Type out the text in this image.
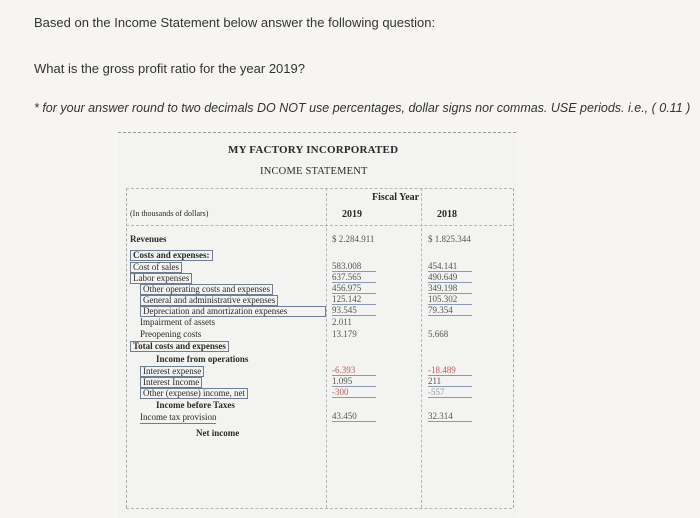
Based on the Income Statement below answer the following question:
What is the gross profit ratio for the year 2019?
* for your answer round to two decimals DO NOT use percentages, dollar signs nor commas. USE periods. i.e., ( 0.11 )
MY FACTORY INCORPORATED
INCOME STATEMENT
Fiscal Year
(In thousands of dollars)	2019	2018
Revenues	$ 2.284.911	$ 1.825.344
Costs and expenses:
Cost of sales	583.008	454.141
Labor expenses	637.565	490.649
Other operating costs and expenses	456.975	349.198
General and administrative expenses	125.142	105.302
Depreciation and amortization expenses	93.545	79.354
Impairment of assets	2.011
Preopening costs	13.179	5.668
Total costs and expenses
Income from operations
Interest expense	-6.393	-18.489
Interest Income	1.095	211
Other (expense) income, net	-300	-557
Income before Taxes
Income tax provision	43.450	32.314
Net income
